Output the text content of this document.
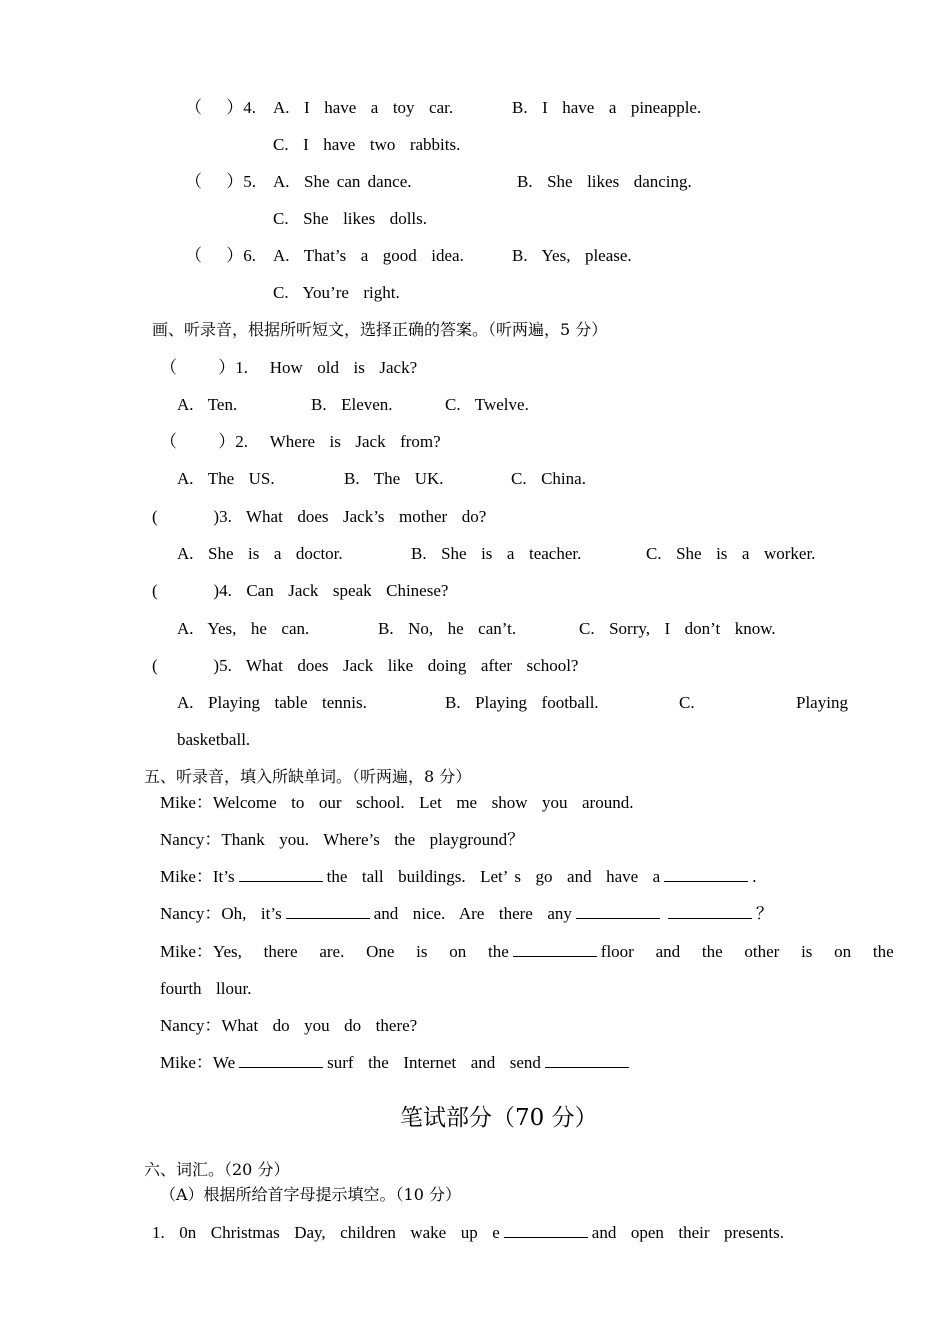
（　 ）4. A.  I  have  a  toy  car.	B.  I  have  a  pineapple.
C.  I  have  two  rabbits.
（　 ）5. A.  She can dance.	B.  She  likes  dancing.
C.  She  likes  dolls.
（　 ）6. A.  That’s  a  good  idea.	B.  Yes,  please.
C.  You’re  right.
画、听录音，根据所听短文，选择正确的答案。（听两遍，5 分）
（　　 ）1.   How  old  is  Jack?
A.  Ten.	B.  Eleven.	C.  Twelve.
（　　 ）2.   Where  is  Jack  from?
A.  The  US.	B.  The  UK.	C.  China.
(　　   )3.  What  does  Jack’s  mother  do?
A.  She  is  a  doctor.	B.  She  is  a  teacher.	C.  She  is  a  worker.
(　　   )4.  Can  Jack  speak  Chinese?
A.  Yes,  he  can.	B.  No,  he  can’t.	C.  Sorry,  I  don’t  know.
(　　   )5.  What  does  Jack  like  doing  after  school?
A.  Playing  table  tennis.	B.  Playing  football.	C.	Playing
basketball.
五、听录音，填入所缺单词。（听两遍，8 分）
Mike：Welcome  to  our  school.  Let  me  show  you  around.
Nancy：Thank  you.  Where’s  the  playground？
Mike：It’s	the  tall  buildings.  Let’ s  go  and  have  a	.
Nancy：Oh,  it’s	and  nice.  Are  there  any	？
Mike：Yes,   there   are.   One   is   on   the	floor   and   the   other   is   on   the
fourth  llour.
Nancy：What  do  you  do  there?
Mike：We	surf  the  Internet  and  send
笔试部分（70 分）
六、词汇。（20 分）
（A）根据所给首字母提示填空。（10 分）
1.  0n  Christmas  Day,  children  wake  up  e	and  open  their  presents.
